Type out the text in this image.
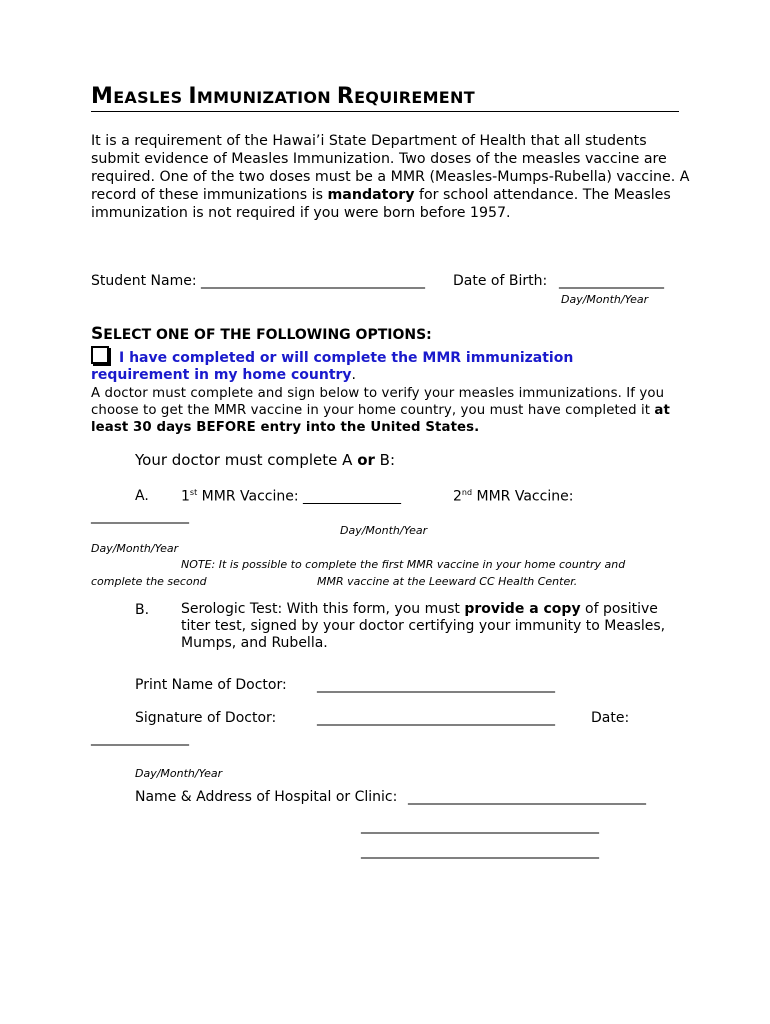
MEASLES IMMUNIZATION REQUIREMENT
It is a requirement of the Hawai’i State Department of Health that all students submit evidence of Measles Immunization. Two doses of the measles vaccine are required. One of the two doses must be a MMR (Measles-Mumps-Rubella) vaccine. A record of these immunizations is mandatory for school attendance. The Measles immunization is not required if you were born before 1957.
Student Name: ________________________________ Date of Birth: _______________
Day/Month/Year
SELECT ONE OF THE FOLLOWING OPTIONS:
I have completed or will complete the MMR immunization requirement in my home country.
A doctor must complete and sign below to verify your measles immunizations. If you choose to get the MMR vaccine in your home country, you must have completed it at least 30 days BEFORE entry into the United States.
Your doctor must complete A or B:
A. 1st MMR Vaccine: ______________	2nd MMR Vaccine:
______________
Day/Month/Year
Day/Month/Year
NOTE: It is possible to complete the first MMR vaccine in your home country and
complete the second	MMR vaccine at the Leeward CC Health Center.
B. Serologic Test: With this form, you must provide a copy of positive titer test, signed by your doctor certifying your immunity to Measles, Mumps, and Rubella.
Print Name of Doctor: __________________________________
Signature of Doctor:	__________________________________	Date:
______________
Day/Month/Year
Name & Address of Hospital or Clinic: __________________________________
__________________________________
__________________________________
